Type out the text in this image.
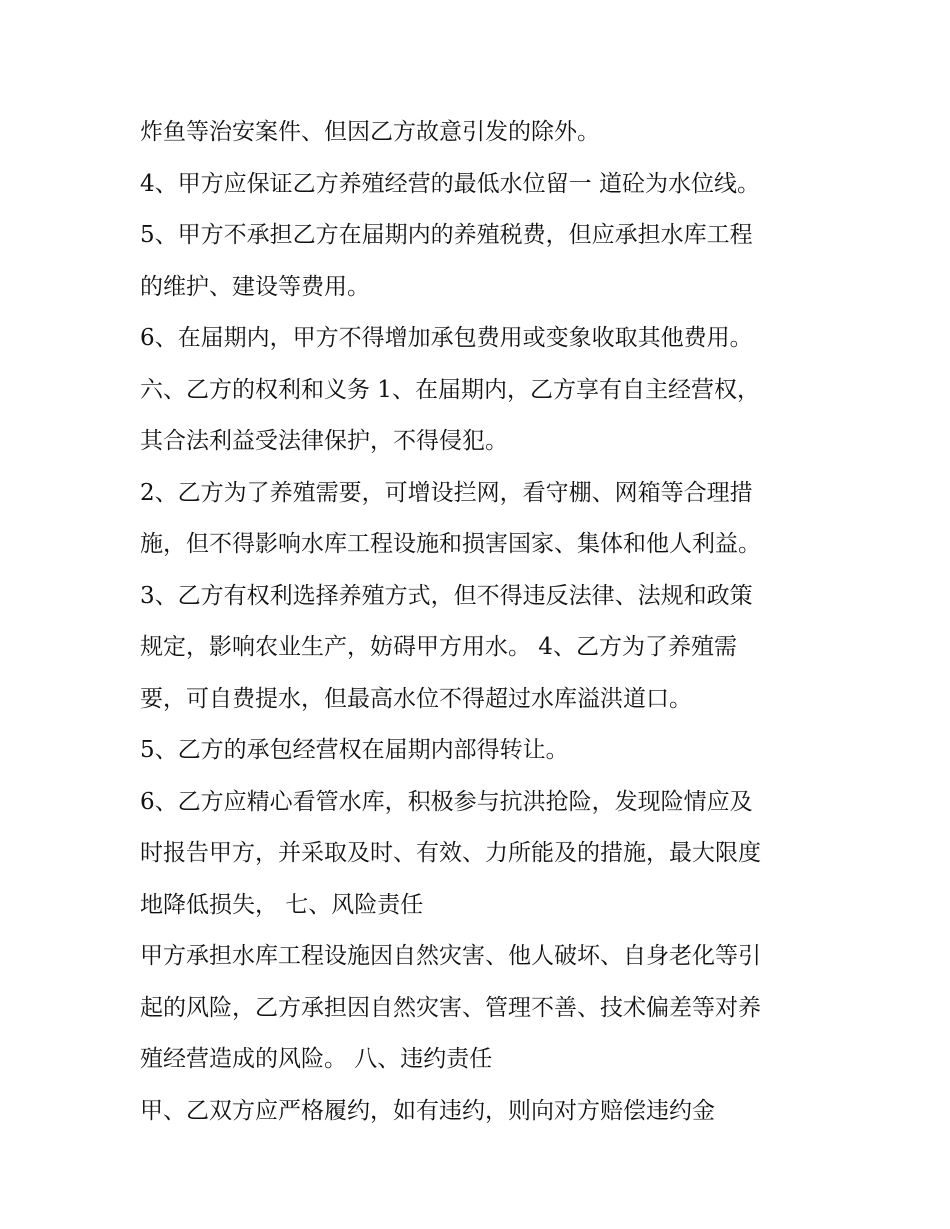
炸鱼等治安案件、但因乙方故意引发的除外。
4、甲方应保证乙方养殖经营的最低水位留一 道砼为水位线。
5、甲方不承担乙方在届期内的养殖税费，但应承担水库工程
的维护、建设等费用。
6、在届期内，甲方不得增加承包费用或变象收取其他费用。
六、乙方的权利和义务 1、在届期内，乙方享有自主经营权，
其合法利益受法律保护，不得侵犯。
2、乙方为了养殖需要，可增设拦网，看守棚、网箱等合理措
施，但不得影响水库工程设施和损害国家、集体和他人利益。
3、乙方有权利选择养殖方式，但不得违反法律、法规和政策
规定，影响农业生产，妨碍甲方用水。 4、乙方为了养殖需
要，可自费提水，但最高水位不得超过水库溢洪道口。
5、乙方的承包经营权在届期内部得转让。
6、乙方应精心看管水库，积极参与抗洪抢险，发现险情应及
时报告甲方，并采取及时、有效、力所能及的措施，最大限度
地降低损失， 七、风险责任
甲方承担水库工程设施因自然灾害、他人破坏、自身老化等引
起的风险，乙方承担因自然灾害、管理不善、技术偏差等对养
殖经营造成的风险。 八、违约责任
甲、乙双方应严格履约，如有违约，则向对方赔偿违约金
